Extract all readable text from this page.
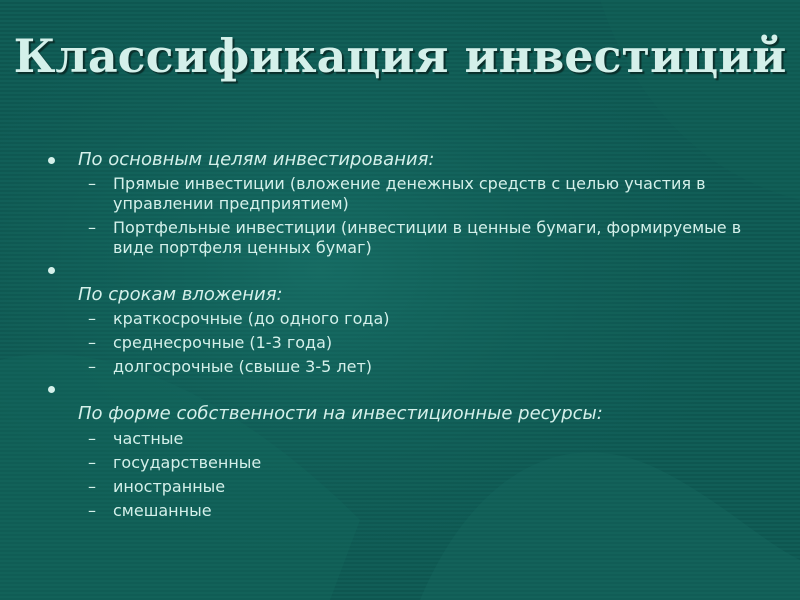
Классификация инвестиций
По основным целям инвестирования:
– Прямые инвестиции (вложение денежных средств с целью участия в управлении предприятием)
– Портфельные инвестиции (инвестиции в ценные бумаги, формируемые в виде портфеля ценных бумаг)
По срокам вложения:
– краткосрочные (до одного года)
– среднесрочные (1-3 года)
– долгосрочные (свыше 3-5 лет)
По форме собственности на инвестиционные ресурсы:
– частные
– государственные
– иностранные
– смешанные
